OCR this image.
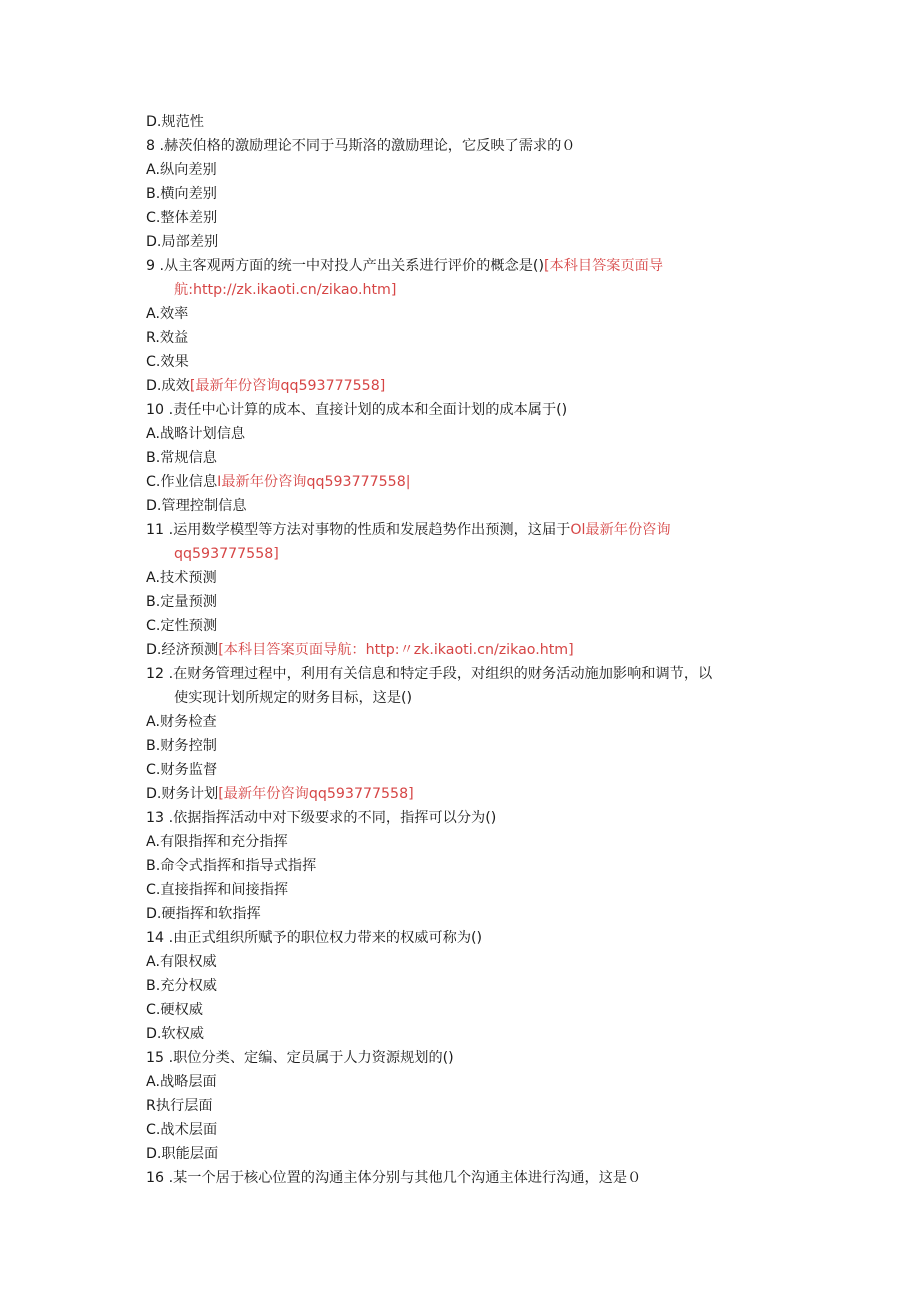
D.规范性
8 .赫茨伯格的激励理论不同于马斯洛的激励理论，它反映了需求的０
A.纵向差别
B.横向差别
C.整体差别
D.局部差别
9 .从主客观两方面的统一中对投人产出关系进行评价的概念是()[本科目答案页面导
航:http://zk.ikaoti.cn/zikao.htm]
A.效率
R.效益
C.效果
D.成效[最新年份咨询qq593777558]
10 .责任中心计算的成本、直接计划的成本和全面计划的成本属于()
A.战略计划信息
B.常规信息
C.作业信息I最新年份咨询qq593777558|
D.管理控制信息
11 .运用数学模型等方法对事物的性质和发展趋势作出预测，这届于Ol最新年份咨询
qq593777558]
A.技术预测
B.定量预测
C.定性预测
D.经济预测[本科目答案页面导航：http:〃zk.ikaoti.cn/zikao.htm]
12 .在财务管理过程中，利用有关信息和特定手段，对组织的财务活动施加影响和调节，以
使实现计划所规定的财务目标，这是()
A.财务检查
B.财务控制
C.财务监督
D.财务计划[最新年份咨询qq593777558]
13 .依据指挥活动中对下级要求的不同，指挥可以分为()
A.有限指挥和充分指挥
B.命令式指挥和指导式指挥
C.直接指挥和间接指挥
D.硬指挥和软指挥
14 .由正式组织所赋予的职位权力带来的权威可称为()
A.有限权威
B.充分权威
C.硬权威
D.软权威
15 .职位分类、定编、定员属于人力资源规划的()
A.战略层面
R执行层面
C.战术层面
D.职能层面
16 .某一个居于核心位置的沟通主体分别与其他几个沟通主体进行沟通，这是０
